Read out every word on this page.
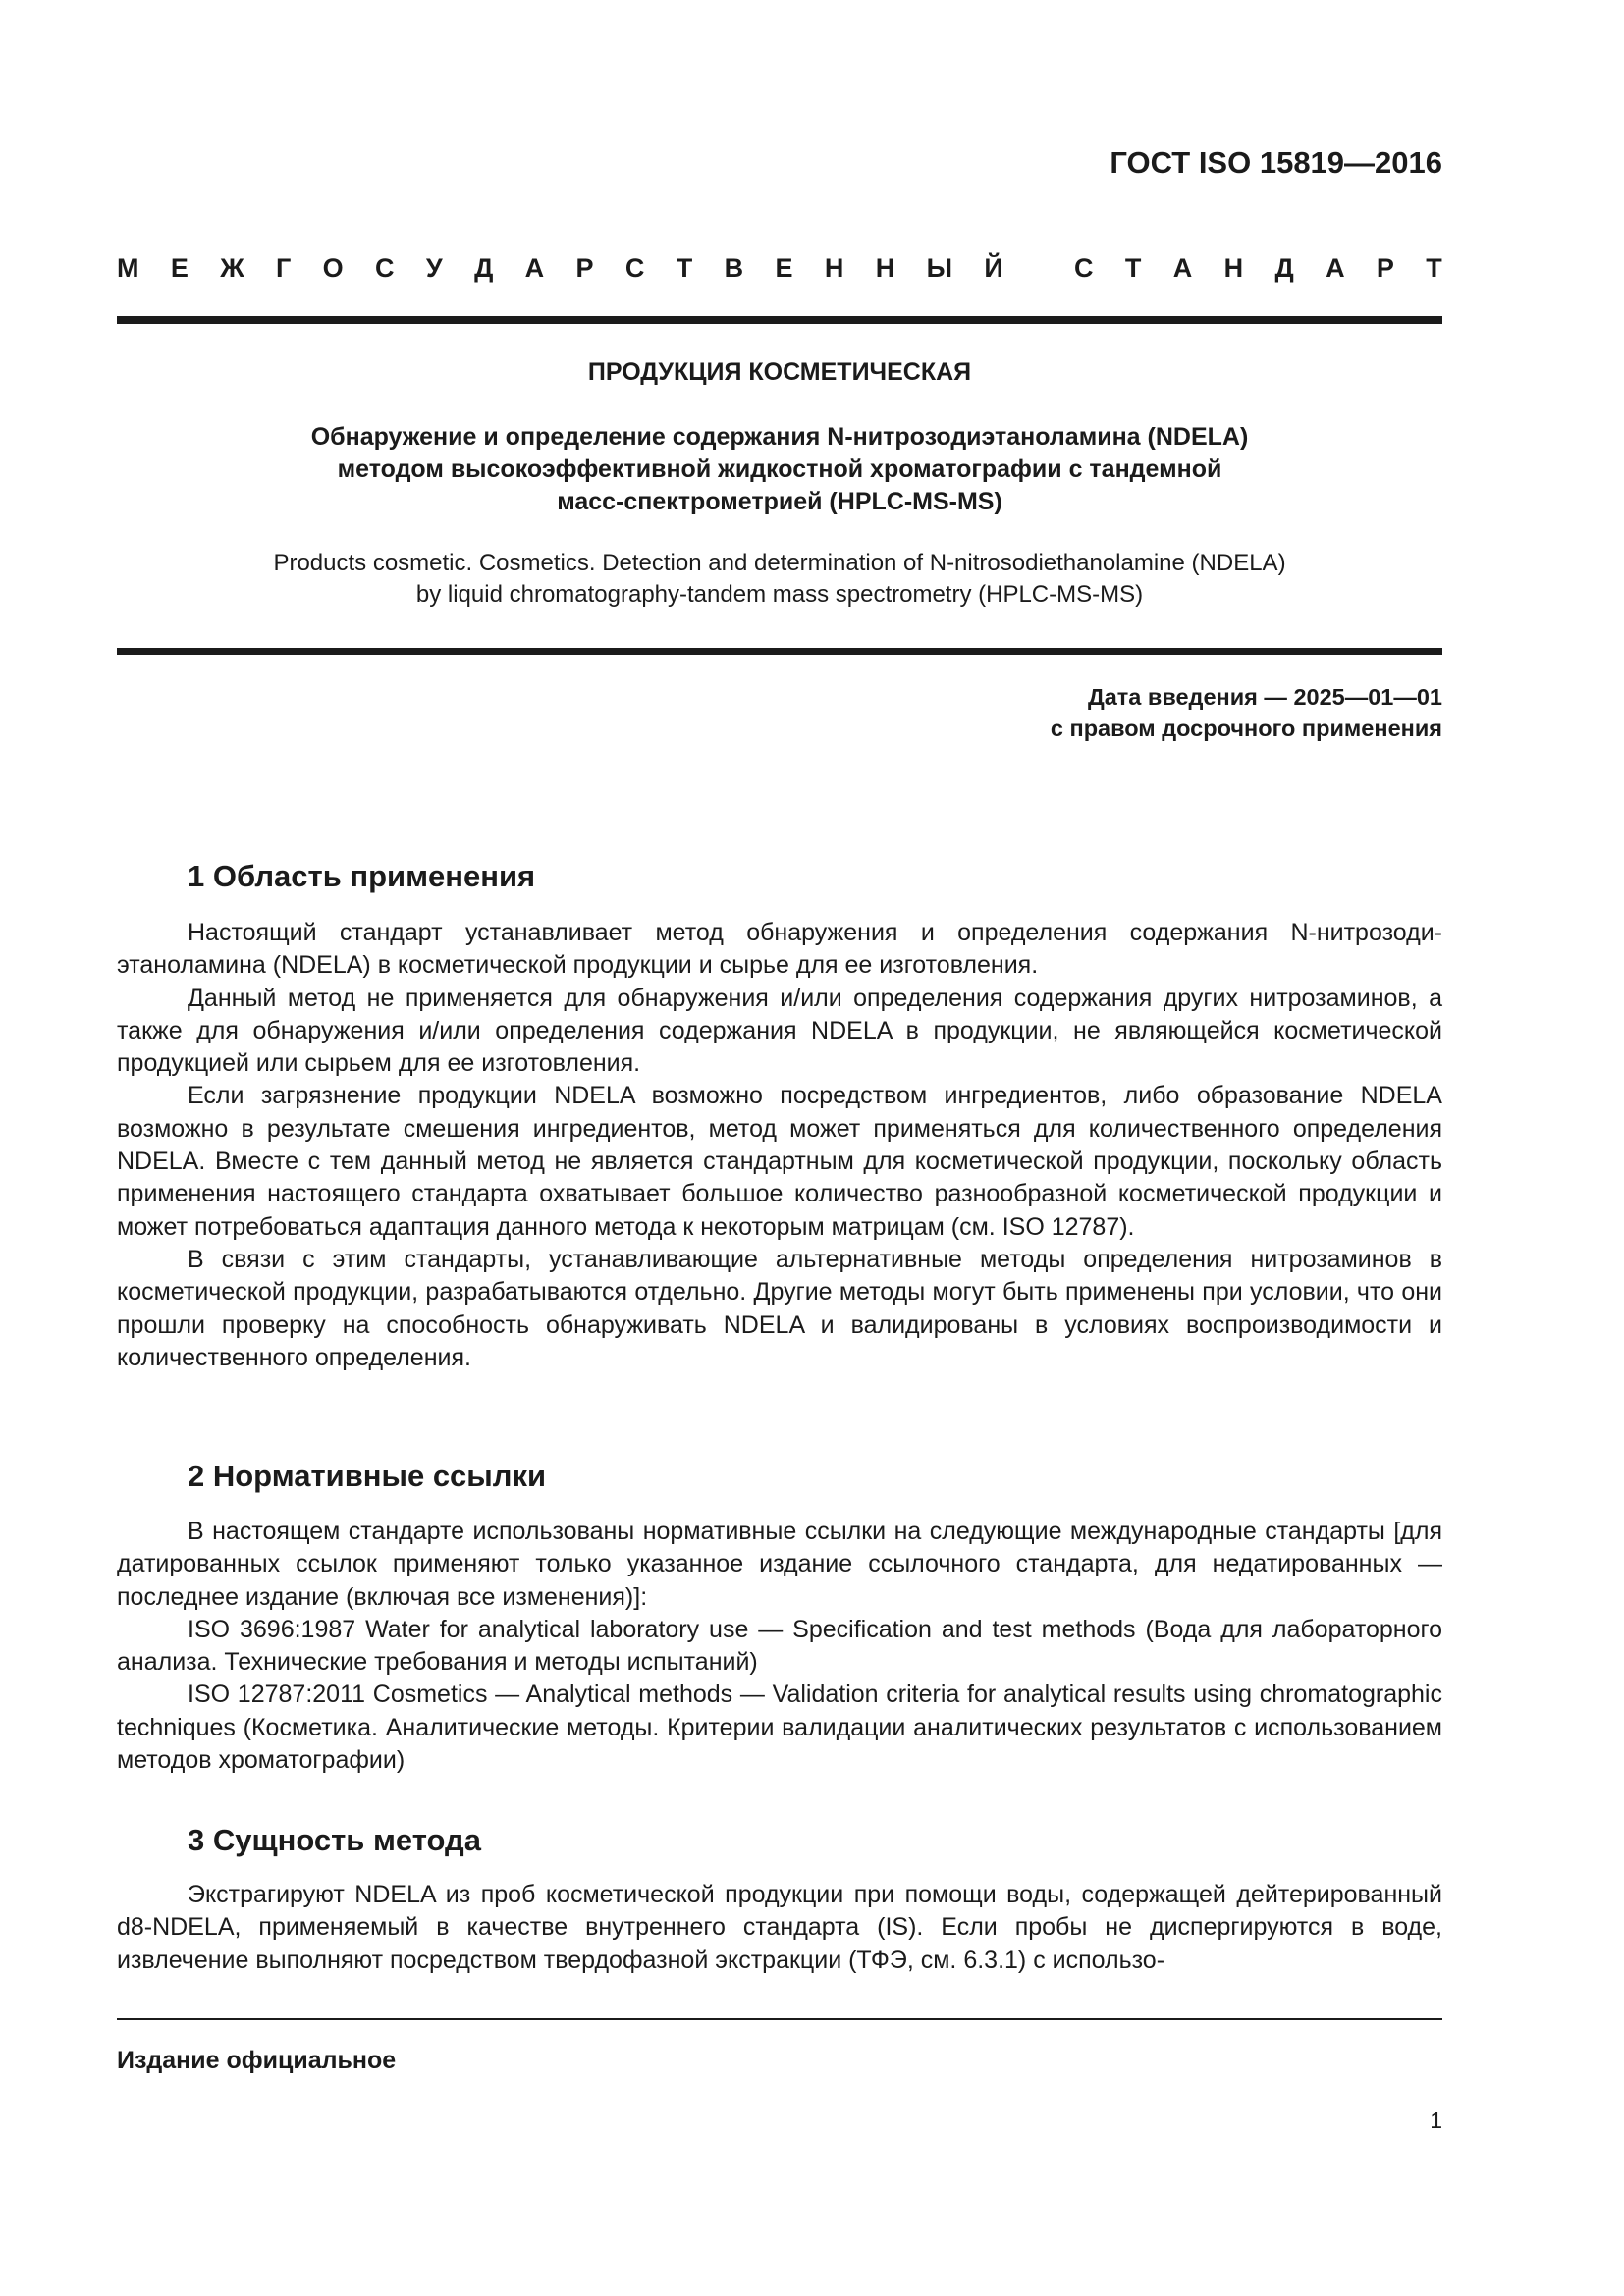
ГОСТ ISO 15819—2016
М Е Ж Г О С У Д А Р С Т В Е Н Н Ы Й
	С Т А Н Д А Р Т
ПРОДУКЦИЯ КОСМЕТИЧЕСКАЯ
Обнаружение и определение содержания N-нитрозодиэтаноламина (NDELA)
методом высокоэффективной жидкостной хроматографии с тандемной
масс-спектрометрией (HPLC-MS-MS)
Products cosmetic. Cosmetics. Detection and determination of N-nitrosodiethanolamine (NDELA)
by liquid chromatography-tandem mass spectrometry (HPLC-MS-MS)
Дата введения — 2025—01—01
с правом досрочного применения
1 Область применения

Настоящий стандарт устанавливает метод обнаружения и определения содержания N-нитрозодиэтаноламина (NDELA) в косметической продукции и сырье для ее изготовления.

Данный метод не применяется для обнаружения и/или определения содержания других нитрозаминов, а также для обнаружения и/или определения содержания NDELA в продукции, не являющейся косметической продукцией или сырьем для ее изготовления.

Если загрязнение продукции NDELA возможно посредством ингредиентов, либо образование NDELA возможно в результате смешения ингредиентов, метод может применяться для количественного определения NDELA. Вместе с тем данный метод не является стандартным для косметической продукции, поскольку область применения настоящего стандарта охватывает большое количество разнообразной косметической продукции и может потребоваться адаптация данного метода к некоторым матрицам (см. ISO 12787).

В связи с этим стандарты, устанавливающие альтернативные методы определения нитрозаминов в косметической продукции, разрабатываются отдельно. Другие методы могут быть применены при условии, что они прошли проверку на способность обнаруживать NDELA и валидированы в условиях воспроизводимости и количественного определения.

2 Нормативные ссылки

В настоящем стандарте использованы нормативные ссылки на следующие международные стандарты [для датированных ссылок применяют только указанное издание ссылочного стандарта, для недатированных — последнее издание (включая все изменения)]:

ISO 3696:1987 Water for analytical laboratory use — Specification and test methods (Вода для лабораторного анализа. Технические требования и методы испытаний)

ISO 12787:2011 Cosmetics — Analytical methods — Validation criteria for analytical results using chromatographic techniques (Косметика. Аналитические методы. Критерии валидации аналитических результатов с использованием методов хроматографии)

3 Сущность метода

Экстрагируют NDELA из проб косметической продукции при помощи воды, содержащей дейтерированный d8-NDELA, применяемый в качестве внутреннего стандарта (IS). Если пробы не диспергируются в воде, извлечение выполняют посредством твердофазной экстракции (ТФЭ, см. 6.3.1) с использо-

Издание официальное
1
